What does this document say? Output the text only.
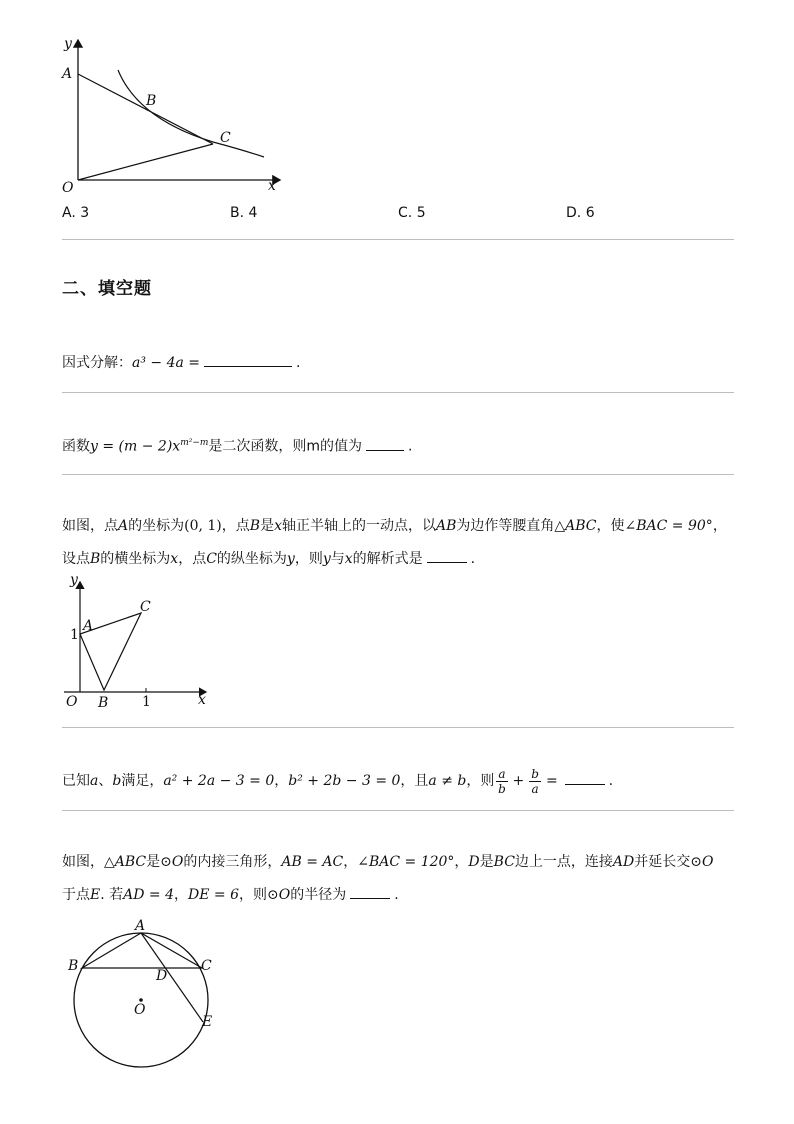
y
A
B
C
O	x
A. 3	B. 4	C. 5	D. 6
二、填空题
因式分解：a³ − 4a =	.
函数$y = (m - 2)x^{m^2-m}$是二次函数，则m的值为	.
如图，点A的坐标为(0, 1)，点B是x轴正半轴上的一动点，以AB为边作等腰直角△ABC，使∠BAC = 90°，
设点B的横坐标为x，点C的纵坐标为y，则y与x的解析式是	.
y
A
1
C
O B 1	x
已知a、b满足，a² + 2a − 3 = 0，b² + 2b − 3 = 0，且a ≠ b，则 $\frac{a}{b} + \frac{b}{a}$ =	.
如图，△ABC是⊙O的内接三角形，AB = AC，∠BAC = 120°，D是BC边上一点，连接AD并延长交⊙O
于点E. 若AD = 4，DE = 6，则⊙O的半径为	.
A
B	C
D
O
E
